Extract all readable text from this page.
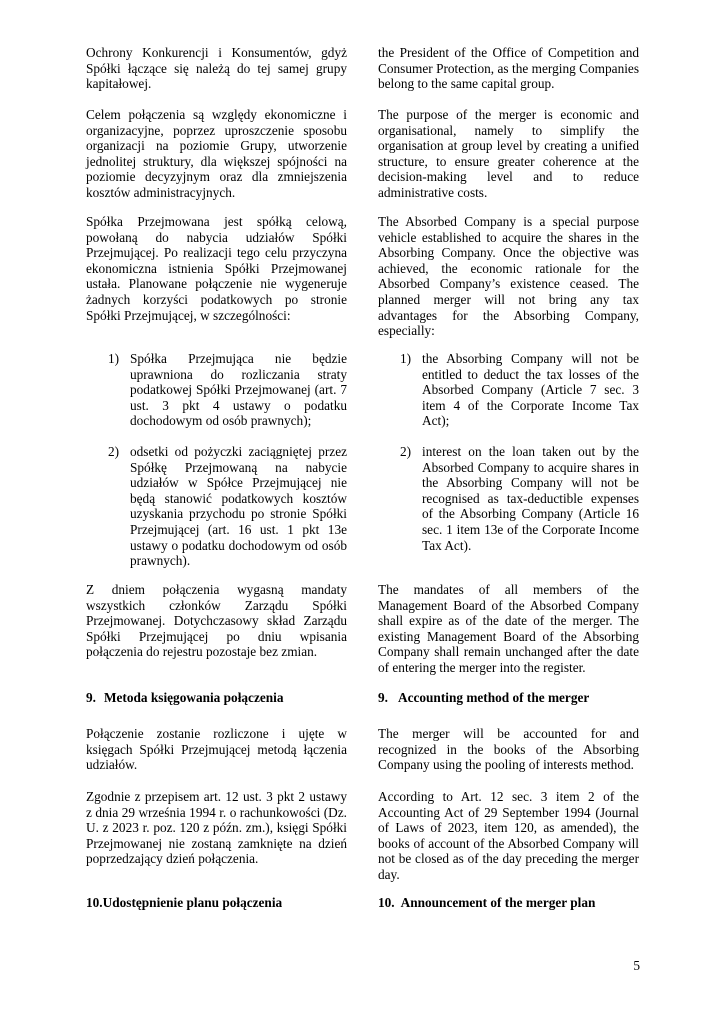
Ochrony Konkurencji i Konsumentów, gdyż Spółki łączące się należą do tej samej grupy kapitałowej.

the President of the Office of Competition and Consumer Protection, as the merging Companies belong to the same capital group.

Celem połączenia są względy ekonomiczne i organizacyjne, poprzez uproszczenie sposobu organizacji na poziomie Grupy, utworzenie jednolitej struktury, dla większej spójności na poziomie decyzyjnym oraz dla zmniejszenia kosztów administracyjnych.

The purpose of the merger is economic and organisational, namely to simplify the organisation at group level by creating a unified structure, to ensure greater coherence at the decision-making level and to reduce administrative costs.

Spółka Przejmowana jest spółką celową, powołaną do nabycia udziałów Spółki Przejmującej. Po realizacji tego celu przyczyna ekonomiczna istnienia Spółki Przejmowanej ustała. Planowane połączenie nie wygeneruje żadnych korzyści podatkowych po stronie Spółki Przejmującej, w szczególności:

The Absorbed Company is a special purpose vehicle established to acquire the shares in the Absorbing Company. Once the objective was achieved, the economic rationale for the Absorbed Company’s existence ceased. The planned merger will not bring any tax advantages for the Absorbing Company, especially:

1) Spółka Przejmująca nie będzie uprawniona do rozliczania straty podatkowej Spółki Przejmowanej (art. 7 ust. 3 pkt 4 ustawy o podatku dochodowym od osób prawnych);
1) the Absorbing Company will not be entitled to deduct the tax losses of the Absorbed Company (Article 7 sec. 3 item 4 of the Corporate Income Tax Act);
2) odsetki od pożyczki zaciągniętej przez Spółkę Przejmowaną na nabycie udziałów w Spółce Przejmującej nie będą stanowić podatkowych kosztów uzyskania przychodu po stronie Spółki Przejmującej (art. 16 ust. 1 pkt 13e ustawy o podatku dochodowym od osób prawnych).
2) interest on the loan taken out by the Absorbed Company to acquire shares in the Absorbing Company will not be recognised as tax-deductible expenses of the Absorbing Company (Article 16 sec. 1 item 13e of the Corporate Income Tax Act).

Z dniem połączenia wygasną mandaty wszystkich członków Zarządu Spółki Przejmowanej. Dotychczasowy skład Zarządu Spółki Przejmującej po dniu wpisania połączenia do rejestru pozostaje bez zmian.

The mandates of all members of the Management Board of the Absorbed Company shall expire as of the date of the merger. The existing Management Board of the Absorbing Company shall remain unchanged after the date of entering the merger into the register.

9. Metoda księgowania połączenia	9. Accounting method of the merger

Połączenie zostanie rozliczone i ujęte w księgach Spółki Przejmującej metodą łączenia udziałów.

The merger will be accounted for and recognized in the books of the Absorbing Company using the pooling of interests method.

Zgodnie z przepisem art. 12 ust. 3 pkt 2 ustawy z dnia 29 września 1994 r. o rachunkowości (Dz. U. z 2023 r. poz. 120 z późn. zm.), księgi Spółki Przejmowanej nie zostaną zamknięte na dzień poprzedzający dzień połączenia.

According to Art. 12 sec. 3 item 2 of the Accounting Act of 29 September 1994 (Journal of Laws of 2023, item 120, as amended), the books of account of the Absorbed Company will not be closed as of the day preceding the merger day.

10. Udostępnienie planu połączenia	10. Announcement of the merger plan
5
